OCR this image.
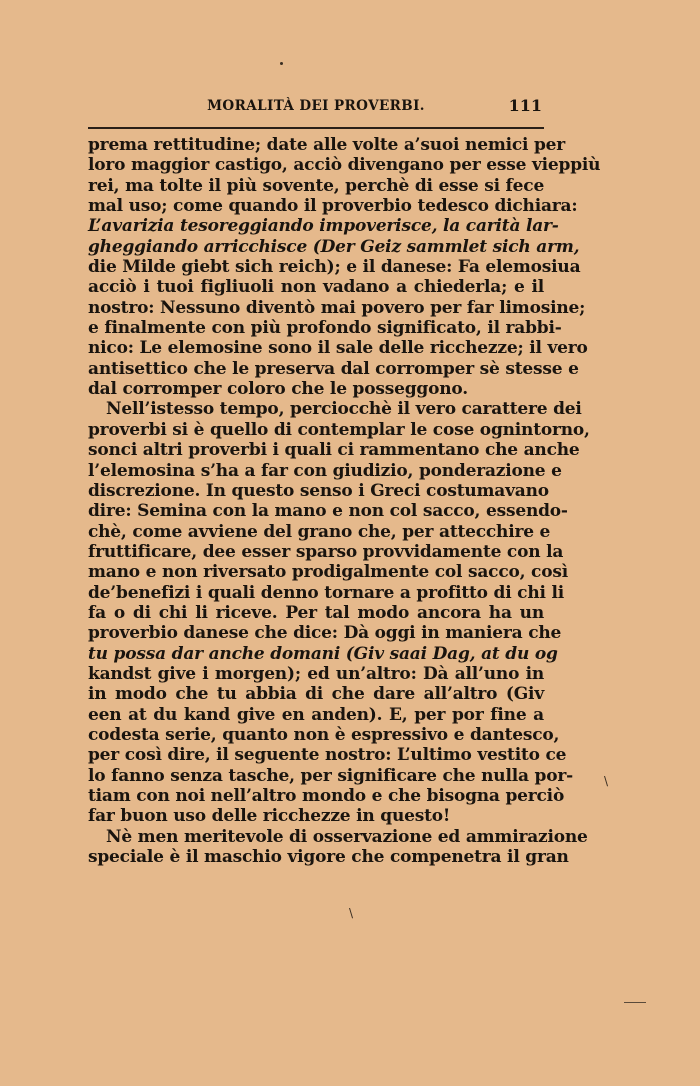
MORALITÀ DEI PROVERBI.	111
prema rettitudine; date alle volte a’suoi nemici per
loro maggior castigo, acciò divengano per esse vieppiù
rei, ma tolte il più sovente, perchè di esse si fece
mal uso; come quando il proverbio tedesco dichiara:
L’avarizia tesoreggiando impoverisce, la carità lar-
gheggiando arricchisce (Der Geiz sammlet sich arm,
die Milde giebt sich reich); e il danese: Fa elemosiua
acciò i tuoi figliuoli non vadano a chiederla; e il
nostro: Nessuno diventò mai povero per far limosine;
e finalmente con più profondo significato, il rabbi-
nico: Le elemosine sono il sale delle ricchezze; il vero
antisettico che le preserva dal corromper sè stesse e
dal corromper coloro che le posseggono.
Nell’istesso tempo, perciocchè il vero carattere dei
proverbi si è quello di contemplar le cose ognintorno,
sonci altri proverbi i quali ci rammentano che anche
l’elemosina s’ha a far con giudizio, ponderazione e
discrezione. In questo senso i Greci costumavano
dire: Semina con la mano e non col sacco, essendo-
chè, come avviene del grano che, per attecchire e
fruttificare, dee esser sparso provvidamente con la
mano e non riversato prodigalmente col sacco, così
de’benefizi i quali denno tornare a profitto di chi li
fa o di chi li riceve. Per tal modo ancora ha un
proverbio danese che dice: Dà oggi in maniera che
tu possa dar anche domani (Giv saai Dag, at du og
kandst give i morgen); ed un’altro: Dà all’uno in
in modo che tu abbia di che dare all’altro (Giv
een at du kand give en anden). E, per por fine a
codesta serie, quanto non è espressivo e dantesco,
per così dire, il seguente nostro: L’ultimo vestito ce
lo fanno senza tasche, per significare che nulla por-
tiam con noi nell’altro mondo e che bisogna perciò
far buon uso delle ricchezze in questo!
Nè men meritevole di osservazione ed ammirazione
speciale è il maschio vigore che compenetra il gran
\
\
